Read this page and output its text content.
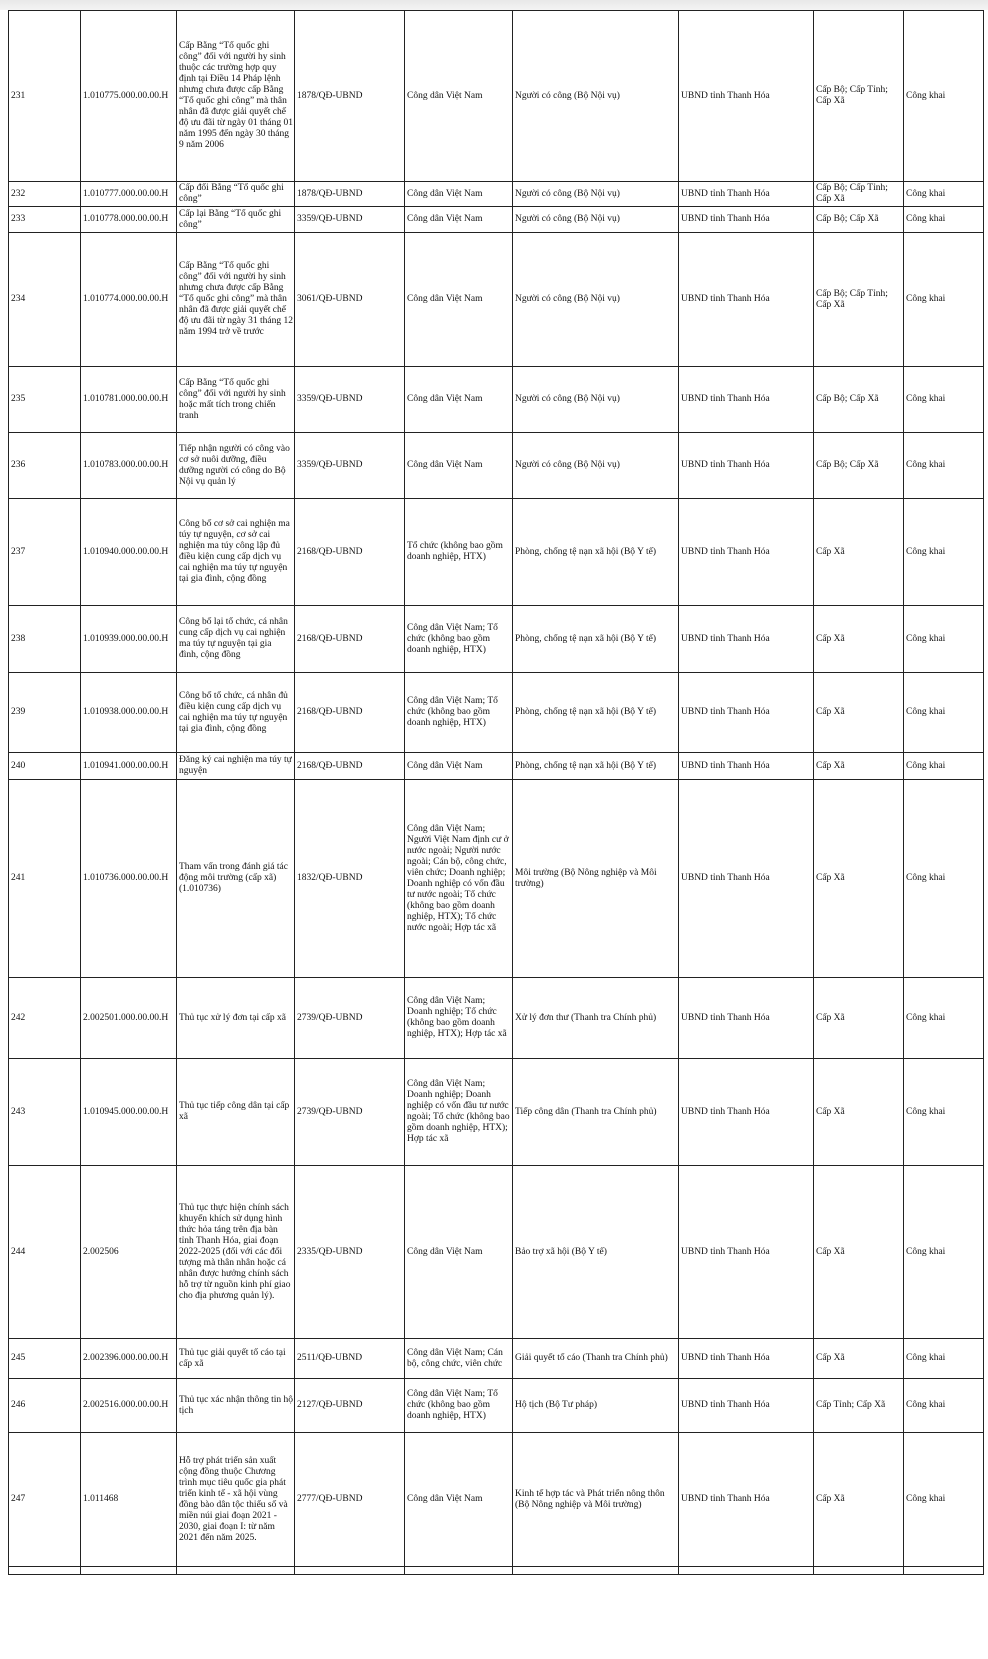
231	1.010775.000.00.00.H	Cấp Bằng “Tổ quốc ghi công” đối với người hy sinh thuộc các trường hợp quy định tại Điều 14 Pháp lệnh nhưng chưa được cấp Bằng “Tổ quốc ghi công” mà thân nhân đã được giải quyết chế độ ưu đãi từ ngày 01 tháng 01 năm 1995 đến ngày 30 tháng 9 năm 2006	1878/QĐ-UBND	Công dân Việt Nam	Người có công (Bộ Nội vụ)	UBND tỉnh Thanh Hóa	Cấp Bộ; Cấp Tỉnh; Cấp Xã	Công khai
232	1.010777.000.00.00.H	Cấp đổi Bằng “Tổ quốc ghi công”	1878/QĐ-UBND	Công dân Việt Nam	Người có công (Bộ Nội vụ)	UBND tỉnh Thanh Hóa	Cấp Bộ; Cấp Tỉnh; Cấp Xã	Công khai
233	1.010778.000.00.00.H	Cấp lại Bằng “Tổ quốc ghi công”	3359/QĐ-UBND	Công dân Việt Nam	Người có công (Bộ Nội vụ)	UBND tỉnh Thanh Hóa	Cấp Bộ; Cấp Xã	Công khai
234	1.010774.000.00.00.H	Cấp Bằng “Tổ quốc ghi công” đối với người hy sinh nhưng chưa được cấp Bằng “Tổ quốc ghi công” mà thân nhân đã được giải quyết chế độ ưu đãi từ ngày 31 tháng 12 năm 1994 trở về trước	3061/QĐ-UBND	Công dân Việt Nam	Người có công (Bộ Nội vụ)	UBND tỉnh Thanh Hóa	Cấp Bộ; Cấp Tỉnh; Cấp Xã	Công khai
235	1.010781.000.00.00.H	Cấp Bằng “Tổ quốc ghi công” đối với người hy sinh hoặc mất tích trong chiến tranh	3359/QĐ-UBND	Công dân Việt Nam	Người có công (Bộ Nội vụ)	UBND tỉnh Thanh Hóa	Cấp Bộ; Cấp Xã	Công khai
236	1.010783.000.00.00.H	Tiếp nhận người có công vào cơ sở nuôi dưỡng, điều dưỡng người có công do Bộ Nội vụ quản lý	3359/QĐ-UBND	Công dân Việt Nam	Người có công (Bộ Nội vụ)	UBND tỉnh Thanh Hóa	Cấp Bộ; Cấp Xã	Công khai
237	1.010940.000.00.00.H	Công bố cơ sở cai nghiện ma túy tự nguyện, cơ sở cai nghiện ma túy công lập đủ điều kiện cung cấp dịch vụ cai nghiện ma túy tự nguyện tại gia đình, cộng đồng	2168/QĐ-UBND	Tổ chức (không bao gồm doanh nghiệp, HTX)	Phòng, chống tệ nạn xã hội (Bộ Y tế)	UBND tỉnh Thanh Hóa	Cấp Xã	Công khai
238	1.010939.000.00.00.H	Công bố lại tổ chức, cá nhân cung cấp dịch vụ cai nghiện ma túy tự nguyện tại gia đình, cộng đồng	2168/QĐ-UBND	Công dân Việt Nam; Tổ chức (không bao gồm doanh nghiệp, HTX)	Phòng, chống tệ nạn xã hội (Bộ Y tế)	UBND tỉnh Thanh Hóa	Cấp Xã	Công khai
239	1.010938.000.00.00.H	Công bố tổ chức, cá nhân đủ điều kiện cung cấp dịch vụ cai nghiện ma túy tự nguyện tại gia đình, cộng đồng	2168/QĐ-UBND	Công dân Việt Nam; Tổ chức (không bao gồm doanh nghiệp, HTX)	Phòng, chống tệ nạn xã hội (Bộ Y tế)	UBND tỉnh Thanh Hóa	Cấp Xã	Công khai
240	1.010941.000.00.00.H	Đăng ký cai nghiện ma túy tự nguyện	2168/QĐ-UBND	Công dân Việt Nam	Phòng, chống tệ nạn xã hội (Bộ Y tế)	UBND tỉnh Thanh Hóa	Cấp Xã	Công khai
241	1.010736.000.00.00.H	Tham vấn trong đánh giá tác động môi trường (cấp xã) (1.010736)	1832/QĐ-UBND	Công dân Việt Nam; Người Việt Nam định cư ở nước ngoài; Người nước ngoài; Cán bộ, công chức, viên chức; Doanh nghiệp; Doanh nghiệp có vốn đầu tư nước ngoài; Tổ chức (không bao gồm doanh nghiệp, HTX); Tổ chức nước ngoài; Hợp tác xã	Môi trường (Bộ Nông nghiệp và Môi trường)	UBND tỉnh Thanh Hóa	Cấp Xã	Công khai
242	2.002501.000.00.00.H	Thủ tục xử lý đơn tại cấp xã	2739/QĐ-UBND	Công dân Việt Nam; Doanh nghiệp; Tổ chức (không bao gồm doanh nghiệp, HTX); Hợp tác xã	Xử lý đơn thư (Thanh tra Chính phủ)	UBND tỉnh Thanh Hóa	Cấp Xã	Công khai
243	1.010945.000.00.00.H	Thủ tục tiếp công dân tại cấp xã	2739/QĐ-UBND	Công dân Việt Nam; Doanh nghiệp; Doanh nghiệp có vốn đầu tư nước ngoài; Tổ chức (không bao gồm doanh nghiệp, HTX); Hợp tác xã	Tiếp công dân (Thanh tra Chính phủ)	UBND tỉnh Thanh Hóa	Cấp Xã	Công khai
244	2.002506	Thủ tục thực hiện chính sách khuyến khích sử dụng hình thức hỏa táng trên địa bàn tỉnh Thanh Hóa, giai đoạn 2022-2025 (đối với các đối tượng mà thân nhân hoặc cá nhân được hưởng chính sách hỗ trợ từ nguồn kinh phí giao cho địa phương quản lý).	2335/QĐ-UBND	Công dân Việt Nam	Bảo trợ xã hội (Bộ Y tế)	UBND tỉnh Thanh Hóa	Cấp Xã	Công khai
245	2.002396.000.00.00.H	Thủ tục giải quyết tố cáo tại cấp xã	2511/QĐ-UBND	Công dân Việt Nam; Cán bộ, công chức, viên chức	Giải quyết tố cáo (Thanh tra Chính phủ)	UBND tỉnh Thanh Hóa	Cấp Xã	Công khai
246	2.002516.000.00.00.H	Thủ tục xác nhận thông tin hộ tịch	2127/QĐ-UBND	Công dân Việt Nam; Tổ chức (không bao gồm doanh nghiệp, HTX)	Hộ tịch (Bộ Tư pháp)	UBND tỉnh Thanh Hóa	Cấp Tỉnh; Cấp Xã	Công khai
247	1.011468	Hỗ trợ phát triển sản xuất cộng đồng thuộc Chương trình mục tiêu quốc gia phát triển kinh tế - xã hội vùng đồng bào dân tộc thiểu số và miền núi giai đoạn 2021 - 2030, giai đoạn I: từ năm 2021 đến năm 2025.	2777/QĐ-UBND	Công dân Việt Nam	Kinh tế hợp tác và Phát triển nông thôn (Bộ Nông nghiệp và Môi trường)	UBND tỉnh Thanh Hóa	Cấp Xã	Công khai
